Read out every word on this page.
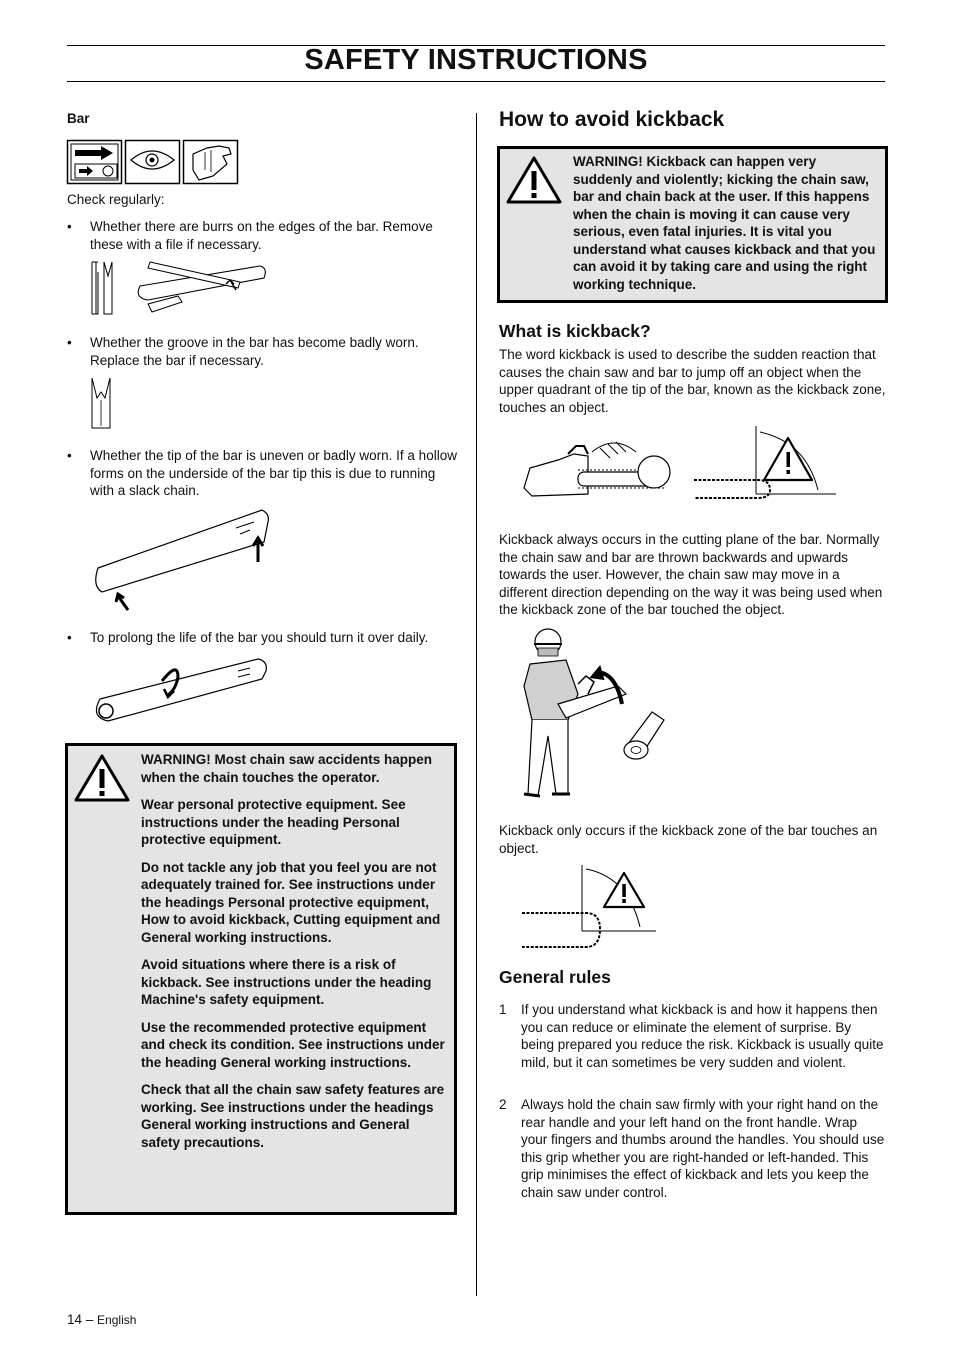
SAFETY INSTRUCTIONS
Bar
Check regularly:
• Whether there are burrs on the edges of the bar. Remove these with a file if necessary.
• Whether the groove in the bar has become badly worn. Replace the bar if necessary.
• Whether the tip of the bar is uneven or badly worn. If a hollow forms on the underside of the bar tip this is due to running with a slack chain.
• To prolong the life of the bar you should turn it over daily.

WARNING! Most chain saw accidents happen when the chain touches the operator.

Wear personal protective equipment. See instructions under the heading Personal protective equipment.

Do not tackle any job that you feel you are not adequately trained for. See instructions under the headings Personal protective equipment, How to avoid kickback, Cutting equipment and General working instructions.

Avoid situations where there is a risk of kickback. See instructions under the heading Machine's safety equipment.

Use the recommended protective equipment and check its condition. See instructions under the heading General working instructions.

Check that all the chain saw safety features are working. See instructions under the headings General working instructions and General safety precautions.

How to avoid kickback

WARNING! Kickback can happen very suddenly and violently; kicking the chain saw, bar and chain back at the user. If this happens when the chain is moving it can cause very serious, even fatal injuries. It is vital you understand what causes kickback and that you can avoid it by taking care and using the right working technique.

What is kickback?
The word kickback is used to describe the sudden reaction that causes the chain saw and bar to jump off an object when the upper quadrant of the tip of the bar, known as the kickback zone, touches an object.
Kickback always occurs in the cutting plane of the bar. Normally the chain saw and bar are thrown backwards and upwards towards the user. However, the chain saw may move in a different direction depending on the way it was being used when the kickback zone of the bar touched the object.
Kickback only occurs if the kickback zone of the bar touches an object.
General rules
1 If you understand what kickback is and how it happens then you can reduce or eliminate the element of surprise. By being prepared you reduce the risk. Kickback is usually quite mild, but it can sometimes be very sudden and violent.
2 Always hold the chain saw firmly with your right hand on the rear handle and your left hand on the front handle. Wrap your fingers and thumbs around the handles. You should use this grip whether you are right-handed or left-handed. This grip minimises the effect of kickback and lets you keep the chain saw under control.
14 – English
